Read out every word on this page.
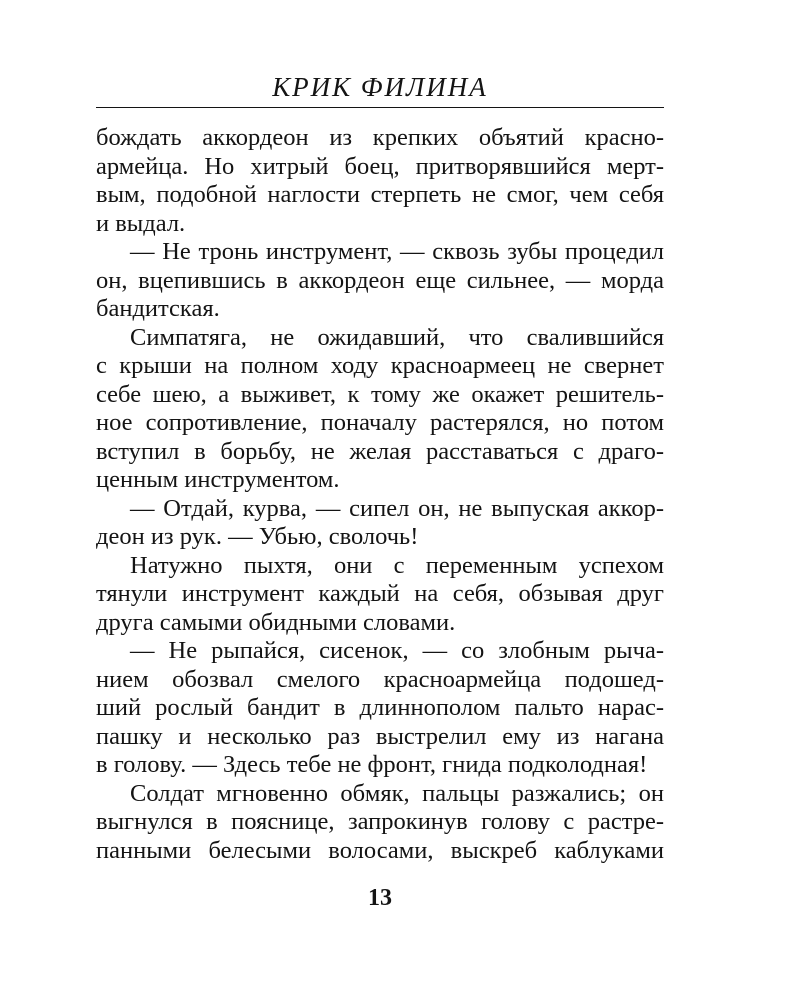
КРИК ФИЛИНА
бождать аккордеон из крепких объятий красно-
армейца. Но хитрый боец, притворявшийся мерт-
вым, подобной наглости стерпеть не смог, чем себя
и выдал.
— Не тронь инструмент, — сквозь зубы процедил
он, вцепившись в аккордеон еще сильнее, — морда
бандитская.
Симпатяга, не ожидавший, что свалившийся
с крыши на полном ходу красноармеец не свернет
себе шею, а выживет, к тому же окажет решитель-
ное сопротивление, поначалу растерялся, но потом
вступил в борьбу, не желая расставаться с драго-
ценным инструментом.
— Отдай, курва, — сипел он, не выпуская аккор-
деон из рук. — Убью, сволочь!
Натужно пыхтя, они с переменным успехом
тянули инструмент каждый на себя, обзывая друг
друга самыми обидными словами.
— Не рыпайся, сисенок, — со злобным рыча-
нием обозвал смелого красноармейца подошед-
ший рослый бандит в длиннополом пальто нарас-
пашку и несколько раз выстрелил ему из нагана
в голову. — Здесь тебе не фронт, гнида подколодная!
Солдат мгновенно обмяк, пальцы разжались; он
выгнулся в пояснице, запрокинув голову с растре-
панными белесыми волосами, выскреб каблуками
13
